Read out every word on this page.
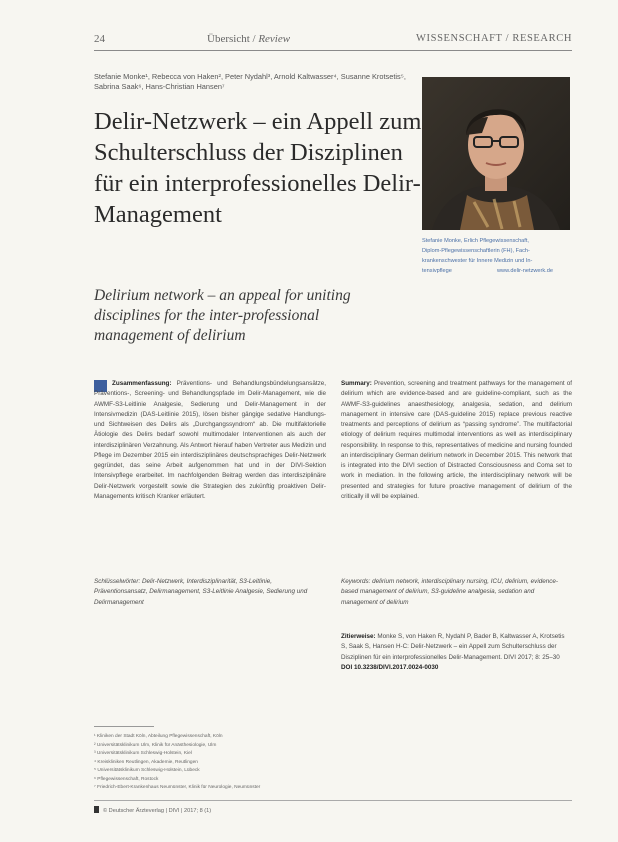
24	Übersicht / Review	WISSENSCHAFT / RESEARCH
Stefanie Monke¹, Rebecca von Haken², Peter Nydahl³, Arnold Kaltwasser⁴, Susanne Krotsetis⁵, Sabrina Saak⁶, Hans-Christian Hansen⁷
Delir-Netzwerk – ein Appell zum Schulterschluss der Disziplinen für ein interprofessionelles Delir-Management
Delirium network – an appeal for uniting disciplines for the inter-professional management of delirium
Stefanie Monke, Erlich Pflegewissenschaft,
Diplom-Pflegewissenschaftlerin (FH), Fach-
krankenschwester für Innere Medizin und In-
tensivpflege	www.delir-netzwerk.de
Zusammenfassung: Präventions- und Behandlungsbündelungsansätze, Präventions-, Screening- und Behandlungspfade im Delir-Management, wie die AWMF-S3-Leitlinie Analgesie, Sedierung und Delir-Management in der Intensivmedizin (DAS-Leitlinie 2015), lösen bisher gängige sedative Handlungs- und Sichtweisen des Delirs als „Durchgangssyndrom“ ab. Die multifaktorielle Ätiologie des Delirs bedarf sowohl multimodaler Interventionen als auch der interdisziplinären Verzahnung. Als Antwort hierauf haben Vertreter aus Medizin und Pflege im Dezember 2015 ein interdisziplinäres deutschsprachiges Delir-Netzwerk gegründet, das seine Arbeit aufgenommen hat und in der DIVI-Sektion Intensivpflege erarbeitet. Im nachfolgenden Beitrag werden das interdisziplinäre Delir-Netzwerk vorgestellt sowie die Strategien des zukünftig proaktiven Delir-Managements kritisch Kranker erläutert.
Summary: Prevention, screening and treatment pathways for the management of delirium which are evidence-based and are guideline-compliant, such as the AWMF-S3-guidelines anaesthesiology, analgesia, sedation, and delirium management in intensive care (DAS-guideline 2015) replace previous reactive treatments and perceptions of delirium as “passing syndrome”. The multifactorial etiology of delirium requires multimodal interventions as well as interdisciplinary responsibility. In response to this, representatives of medicine and nursing founded an interdisciplinary German delirium network in December 2015. This network that is integrated into the DIVI section of Distracted Consciousness and Coma set to work in mediation. In the following article, the interdisciplinary network will be presented and strategies for future proactive management of delirium of the critically ill will be explained.
Schlüsselwörter: Delir-Netzwerk, Interdisziplinarität, S3-Leitlinie, Präventionsansatz, Delirmanagement, S3-Leitlinie Analgesie, Sedierung und Delirmanagement
Keywords: delirium network, interdisciplinary nursing, ICU, delirium, evidence-based management of delirium, S3-guideline analgesia, sedation and management of delirium
Zitierweise: Monke S, von Haken R, Nydahl P, Bader B, Kaltwasser A, Krotsetis S, Saak S, Hansen H-C: Delir-Netzwerk – ein Appell zum Schulterschluss der Disziplinen für ein interprofessionelles Delir-Management. DIVI 2017; 8: 25–30
DOI 10.3238/DIVI.2017.0024-0030
¹ Kliniken der Stadt Köln, Abteilung Pflegewissenschaft, Köln
² Universitätsklinikum Ulm, Klinik für Anästhesiologie, Ulm
³ Universitätsklinikum Schleswig-Holstein, Kiel
⁴ Kreiskliniken Reutlingen, Akademie, Reutlingen
⁵ Universitätsklinikum Schleswig-Holstein, Lübeck
⁶ Pflegewissenschaft, Rostock
⁷ Friedrich-Ebert-Krankenhaus Neumünster, Klinik für Neurologie, Neumünster
© Deutscher Ärzteverlag | DIVI | 2017; 8 (1)
